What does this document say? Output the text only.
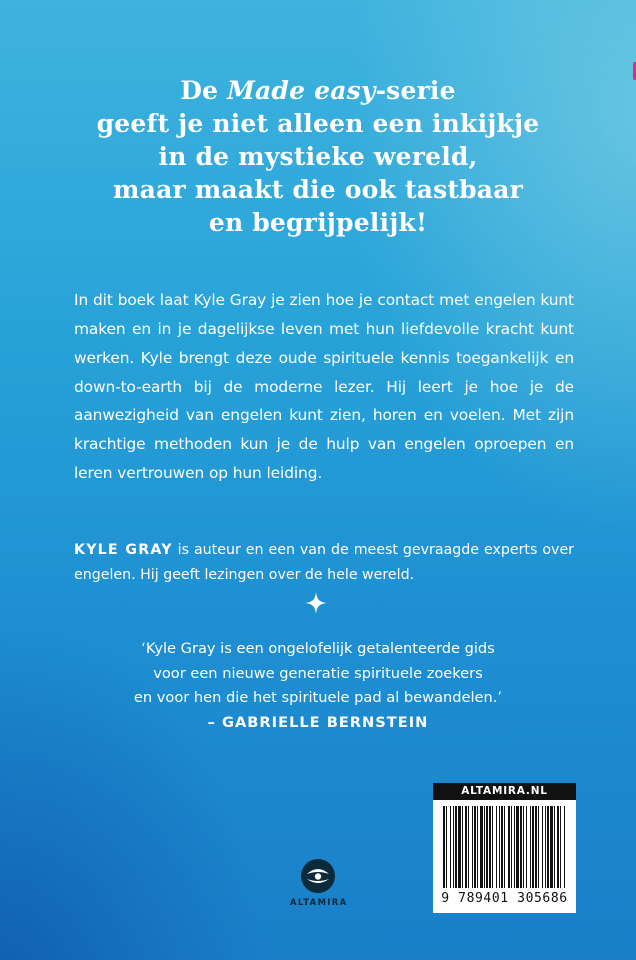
De Made easy-serie
geeft je niet alleen een inkijkje
in de mystieke wereld,
maar maakt die ook tastbaar
en begrijpelijk!

In dit boek laat Kyle Gray je zien hoe je contact met engelen kunt maken en in je dagelijkse leven met hun liefdevolle kracht kunt werken. Kyle brengt deze oude spirituele kennis toegankelijk en down-to-earth bij de moderne lezer. Hij leert je hoe je de aanwezigheid van engelen kunt zien, horen en voelen. Met zijn krachtige methoden kun je de hulp van engelen oproepen en leren vertrouwen op hun leiding.

KYLE GRAY is auteur en een van de meest gevraagde experts over engelen. Hij geeft lezingen over de hele wereld.

‘Kyle Gray is een ongelofelijk getalenteerde gids
voor een nieuwe generatie spirituele zoekers
en voor hen die het spirituele pad al bewandelen.’
– GABRIELLE BERNSTEIN
ALTAMIRA.NL
9 789401 305686
ALTAMIRA
